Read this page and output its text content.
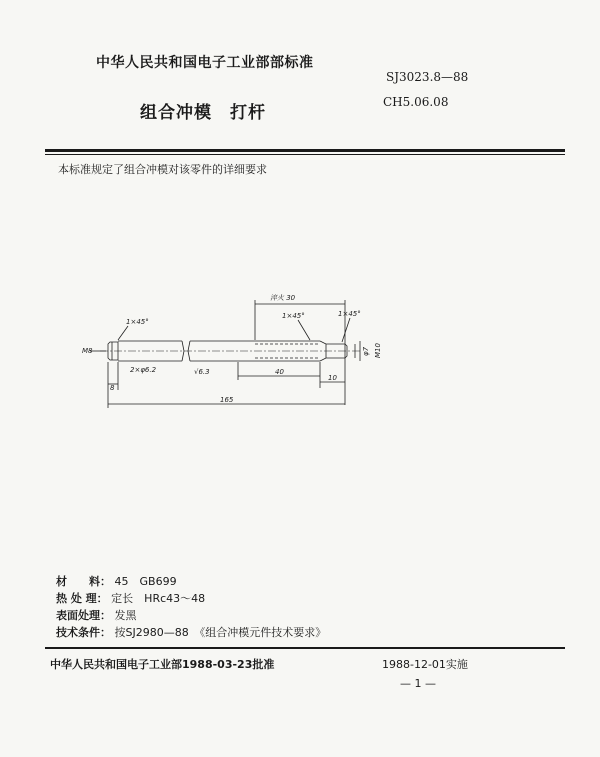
中华人民共和国电子工业部部标准
SJ3023.8—88
CH5.06.08
组合冲模　打杆
本标准规定了组合冲模对该零件的详细要求
1×45°
1×45°	1×45°
M8
8
2×φ6.2	√6.3	40
10
165
φ7 M10
淬火 30
材　　料： 45　GB699
热 处 理： 定长　HRc43～48
表面处理： 发黑
技术条件： 按SJ2980—88　《组合冲模元件技术要求》
中华人民共和国电子工业部1988-03-23批准	1988-12-01实施
— 1 —
